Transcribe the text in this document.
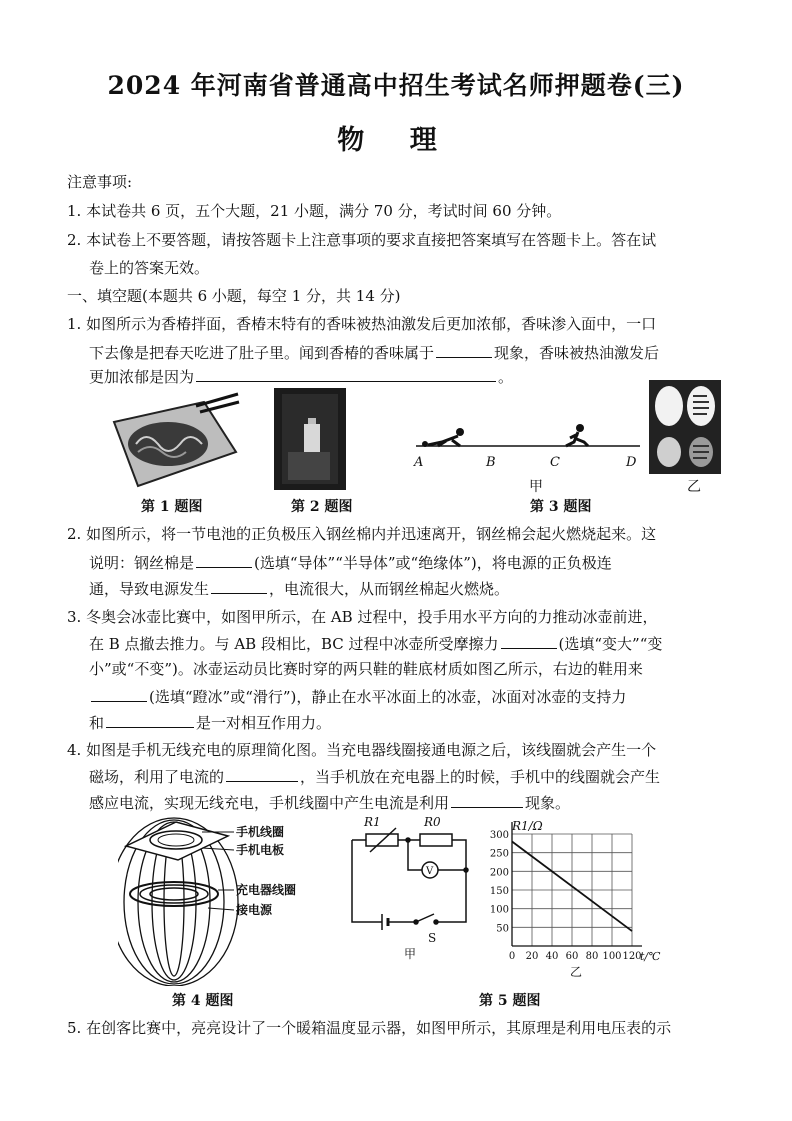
2024 年河南省普通高中招生考试名师押题卷(三)
物 理
注意事项:
1. 本试卷共 6 页，五个大题，21 小题，满分 70 分，考试时间 60 分钟。
2. 本试卷上不要答题，请按答题卡上注意事项的要求直接把答案填写在答题卡上。答在试
卷上的答案无效。
一、填空题(本题共 6 小题，每空 1 分，共 14 分)
1. 如图所示为香椿拌面，香椿末特有的香味被热油激发后更加浓郁，香味渗入面中，一口
下去像是把春天吃进了肚子里。闻到香椿的香味属于	现象，香味被热油激发后
更加浓郁是因为	。
第 1 题图	第 2 题图
A	B	C	D
甲
第 3 题图
乙
2. 如图所示，将一节电池的正负极压入钢丝棉内并迅速离开，钢丝棉会起火燃烧起来。这
说明：钢丝棉是	(选填“导体”“半导体”或“绝缘体”)，将电源的正负极连
通，导致电源发生	，电流很大，从而钢丝棉起火燃烧。
3. 冬奥会冰壶比赛中，如图甲所示，在 AB 过程中，投手用水平方向的力推动冰壶前进，
在 B 点撤去推力。与 AB 段相比，BC 过程中冰壶所受摩擦力	(选填“变大”“变
小”或“不变”)。冰壶运动员比赛时穿的两只鞋的鞋底材质如图乙所示，右边的鞋用来
(选填“蹬冰”或“滑行”)，静止在水平冰面上的冰壶，冰面对冰壶的支持力
和	是一对相互作用力。
4. 如图是手机无线充电的原理简化图。当充电器线圈接通电源之后，该线圈就会产生一个
磁场，利用了电流的	，当手机放在充电器上的时候，手机中的线圈就会产生
感应电流，实现无线充电，手机线圈中产生电流是利用	现象。
手机线圈
手机电板
充电器线圈
接电源
第 4 题图
R1	R0
V
S
甲	0 20 40 60 80 100 120
50
100
150
200
250
300
R1/Ω
t/℃
乙
第 5 题图
5. 在创客比赛中，亮亮设计了一个暖箱温度显示器，如图甲所示，其原理是利用电压表的示
